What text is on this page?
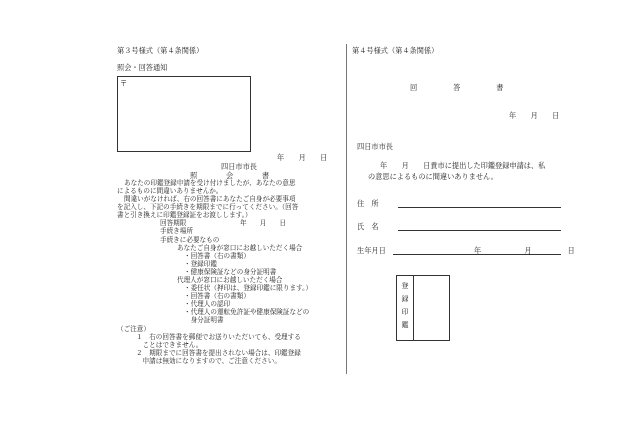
第３号様式（第４条関係）
照会・回答通知
〒
年　　月　　日
四日市市長
照　　　　会　　　　書
あなたの印鑑登録申請を受け付けましたが、あなたの意思
によるものに間違いありませんか。
間違いがなければ、右の回答書にあなたご自身が必要事項
を記入し、下記の手続きを期限までに行ってください。（回答
書と引き換えに印鑑登録証をお渡しします。）
回答期限	年　　月　　日
手続き場所
手続きに必要なもの
あなたご自身が窓口にお越しいただく場合
・回答書（右の書類）
・登録印鑑
・健康保険証などの身分証明書
代理人が窓口にお越しいただく場合
・委任状（押印は、登録印鑑に限ります。）
・回答書（右の書類）
・代理人の認印
・代理人の運転免許証や健康保険証などの
　身分証明書
（ご注意）
１　右の回答書を郵便でお送りいただいても、受理する
　ことはできません。
２　期限までに回答書を提出されない場合は、印鑑登録
　申請は無効になりますので、ご注意ください。
第４号様式（第４条関係）
回　　　　　答　　　　　書
年　　月　　日
四日市市長
年　　月　　日貴市に提出した印鑑登録申請は、私
の意思によるものに間違いありません。
住　所
氏　名
生年月日	年　　　　　　月　　　　　日
登録印鑑
